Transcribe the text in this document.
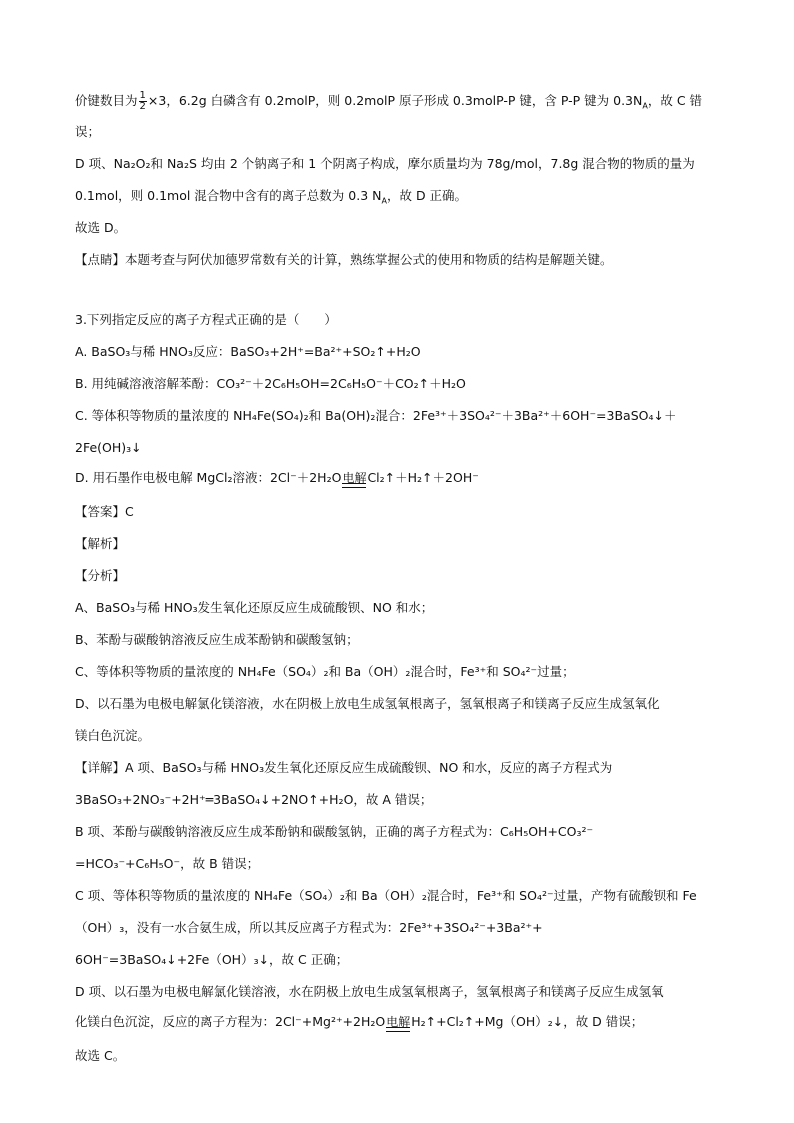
价键数目为 $\frac{1}{2} \times 3$，6.2g 白磷含有 0.2molP，则 0.2molP 原子形成 0.3molP-P 键，含 P-P 键为 $0.3N_A$，故 C 错
误；
D 项、Na₂O₂和 Na₂S 均由 2 个钠离子和 1 个阴离子构成，摩尔质量均为 78g/mol，7.8g 混合物的物质的量为
0.1mol，则 0.1mol 混合物中含有的离子总数为 0.3 $N_A$，故 D 正确。
故选 D。
【点睛】本题考查与阿伏加德罗常数有关的计算，熟练掌握公式的使用和物质的结构是解题关键。
3.下列指定反应的离子方程式正确的是（　　）
A. BaSO₃与稀 HNO₃反应：BaSO₃+2H⁺=Ba²⁺+SO₂↑+H₂O
B. 用纯碱溶液溶解苯酚：CO₃²⁻＋2C₆H₅OH=2C₆H₅O⁻＋CO₂↑＋H₂O
C. 等体积等物质的量浓度的 NH₄Fe(SO₄)₂和 Ba(OH)₂混合：2Fe³⁺＋3SO₄²⁻＋3Ba²⁺＋6OH⁻=3BaSO₄↓＋
2Fe(OH)₃↓
D. 用石墨作电极电解 MgCl₂溶液：2Cl⁻＋2H₂O 电解 Cl₂↑＋H₂↑＋2OH⁻
【答案】C
【解析】
【分析】
A、BaSO₃与稀 HNO₃发生氧化还原反应生成硫酸钡、NO 和水；
B、苯酚与碳酸钠溶液反应生成苯酚钠和碳酸氢钠；
C、等体积等物质的量浓度的 NH₄Fe（SO₄）₂和 Ba（OH）₂混合时，Fe³⁺和 SO₄²⁻过量；
D、以石墨为电极电解氯化镁溶液，水在阴极上放电生成氢氧根离子，氢氧根离子和镁离子反应生成氢氧化
镁白色沉淀。
【详解】A 项、BaSO₃与稀 HNO₃发生氧化还原反应生成硫酸钡、NO 和水，反应的离子方程式为
3BaSO₃+2NO₃⁻+2H⁺═3BaSO₄↓+2NO↑+H₂O，故 A 错误；
B 项、苯酚与碳酸钠溶液反应生成苯酚钠和碳酸氢钠，正确的离子方程式为：C₆H₅OH+CO₃²⁻
=HCO₃⁻+C₆H₅O⁻，故 B 错误；
C 项、等体积等物质的量浓度的 NH₄Fe（SO₄）₂和 Ba（OH）₂混合时，Fe³⁺和 SO₄²⁻过量，产物有硫酸钡和 Fe
（OH）₃，没有一水合氨生成，所以其反应离子方程式为：2Fe³⁺+3SO₄²⁻+3Ba²⁺+
6OH⁻=3BaSO₄↓+2Fe（OH）₃↓，故 C 正确；
D 项、以石墨为电极电解氯化镁溶液，水在阴极上放电生成氢氧根离子，氢氧根离子和镁离子反应生成氢氧
化镁白色沉淀，反应的离子方程为：2Cl⁻+Mg²⁺+2H₂O 电解 H₂↑+Cl₂↑+Mg（OH）₂↓，故 D 错误；
故选 C。
